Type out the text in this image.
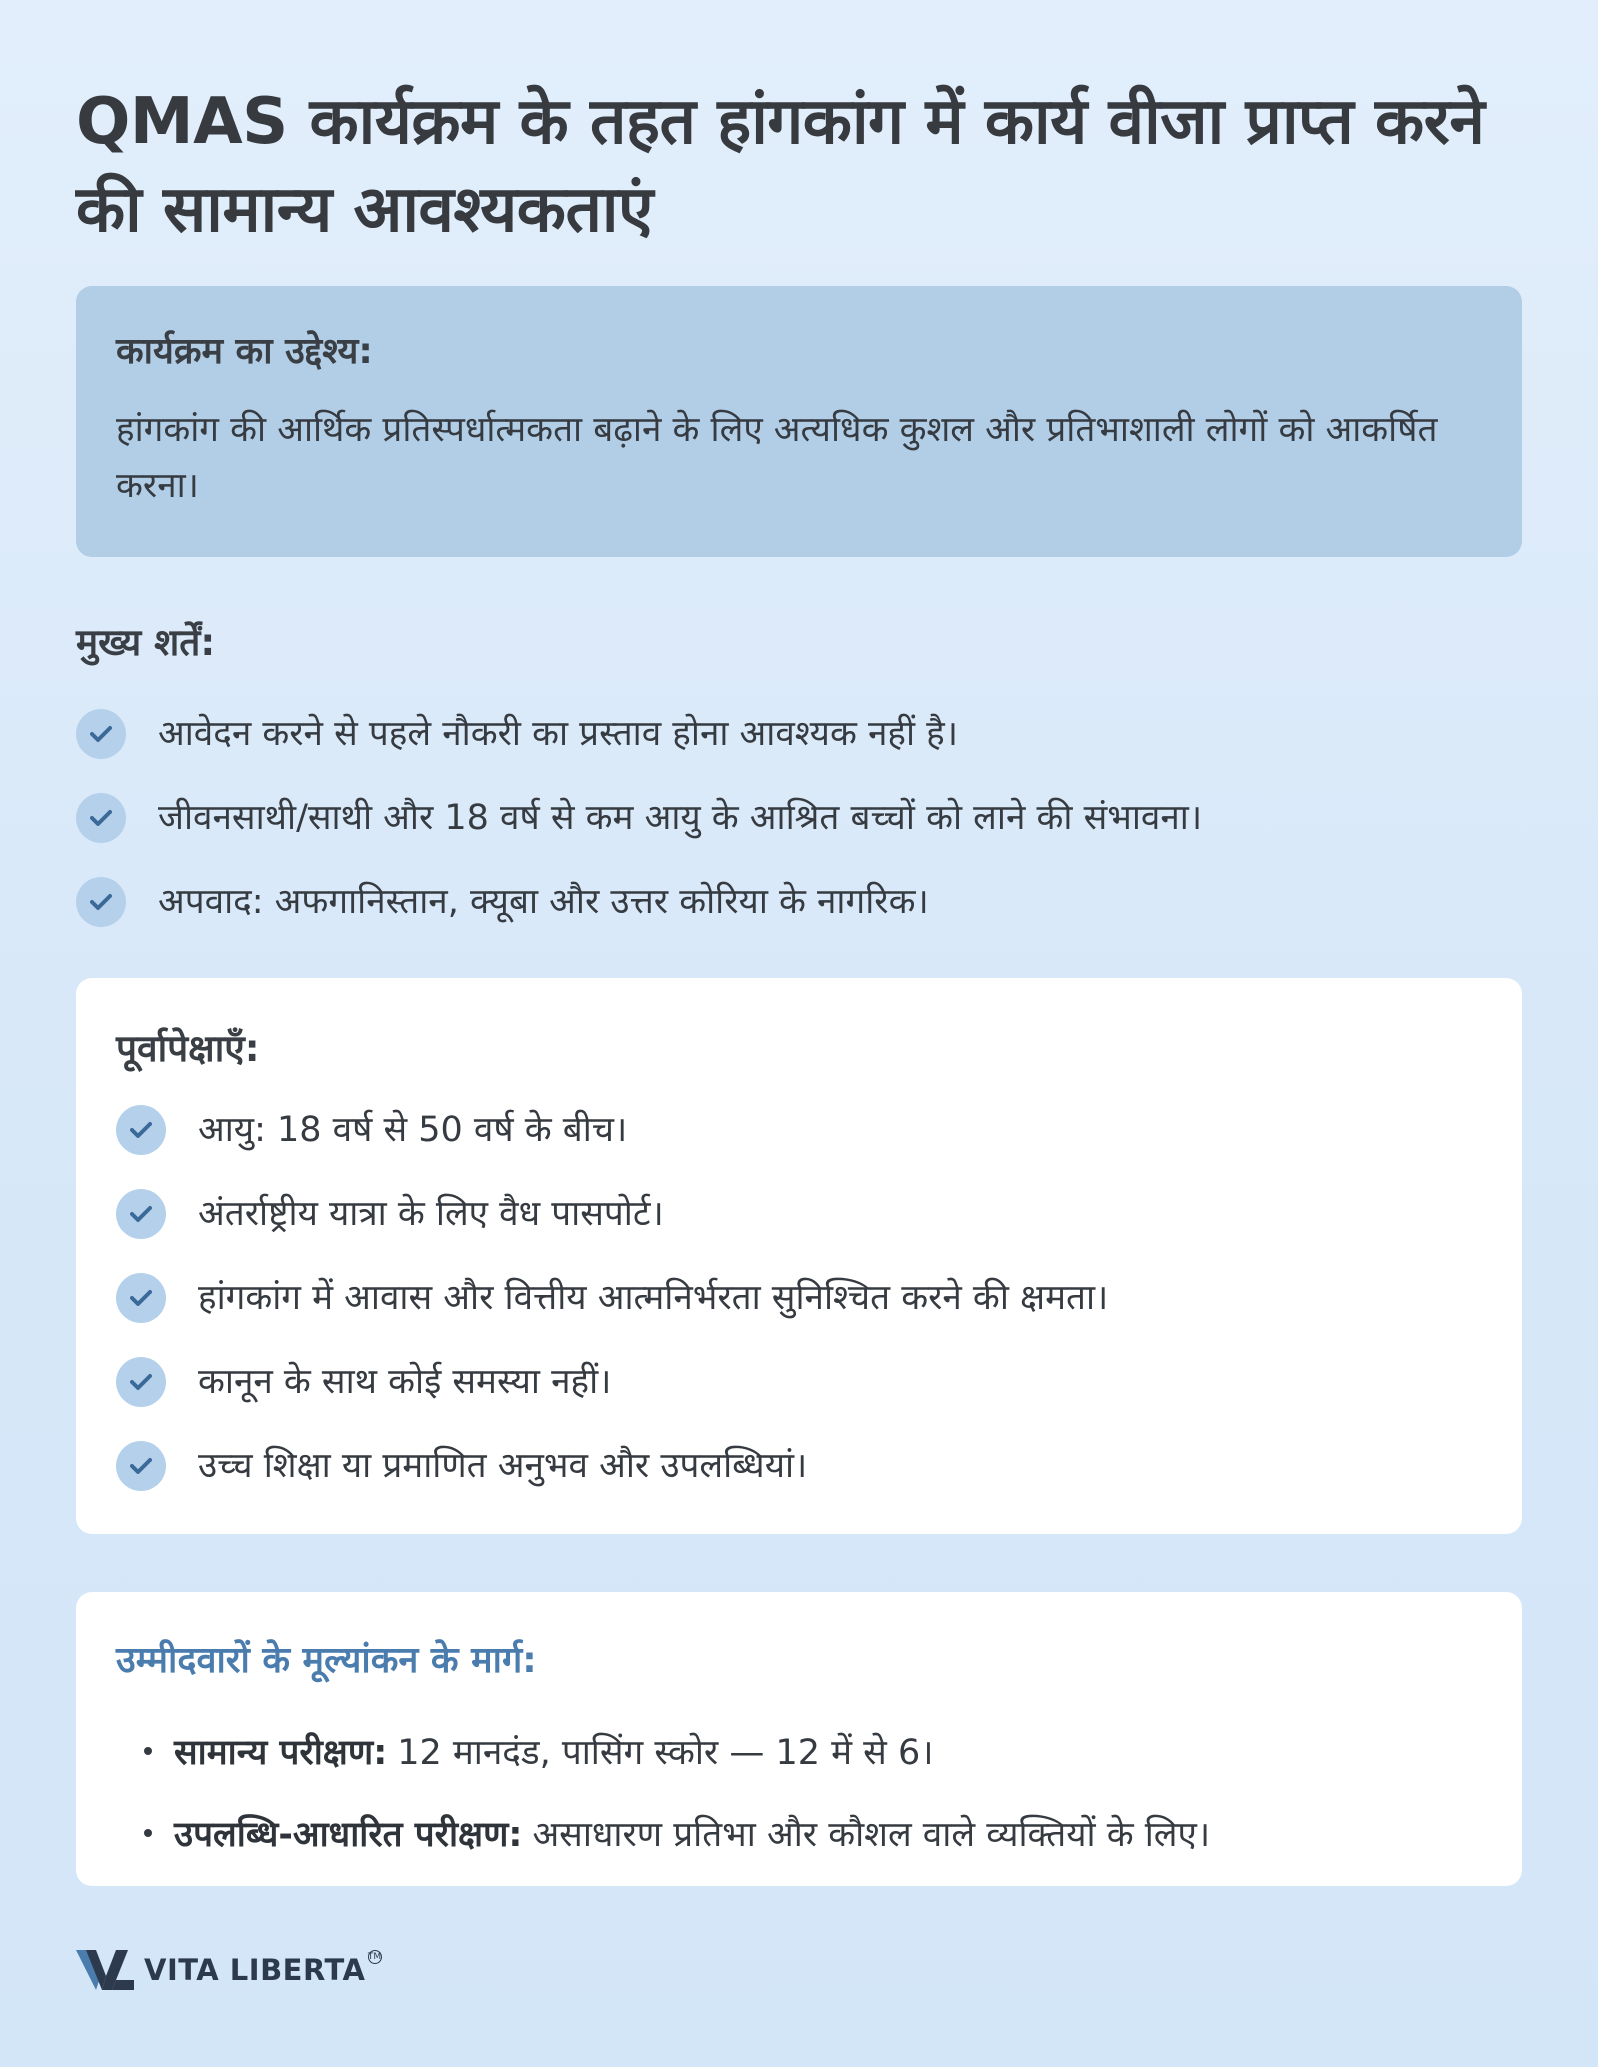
QMAS कार्यक्रम के तहत हांगकांग में कार्य वीजा प्राप्त करने की सामान्य आवश्यकताएं
कार्यक्रम का उद्देश्य:

हांगकांग की आर्थिक प्रतिस्पर्धात्मकता बढ़ाने के लिए अत्यधिक कुशल और प्रतिभाशाली लोगों को आकर्षित करना।

मुख्य शर्तें:
आवेदन करने से पहले नौकरी का प्रस्ताव होना आवश्यक नहीं है।
जीवनसाथी/साथी और 18 वर्ष से कम आयु के आश्रित बच्चों को लाने की संभावना।
अपवाद: अफगानिस्तान, क्यूबा और उत्तर कोरिया के नागरिक।
पूर्वापेक्षाएँ:
आयु: 18 वर्ष से 50 वर्ष के बीच।
अंतर्राष्ट्रीय यात्रा के लिए वैध पासपोर्ट।
हांगकांग में आवास और वित्तीय आत्मनिर्भरता सुनिश्चित करने की क्षमता।
कानून के साथ कोई समस्या नहीं।
उच्च शिक्षा या प्रमाणित अनुभव और उपलब्धियां।
उम्मीदवारों के मूल्यांकन के मार्ग:
सामान्य परीक्षण: 12 मानदंड, पासिंग स्कोर — 12 में से 6।
उपलब्धि-आधारित परीक्षण: असाधारण प्रतिभा और कौशल वाले व्यक्तियों के लिए।
VITA LIBERTA TM
